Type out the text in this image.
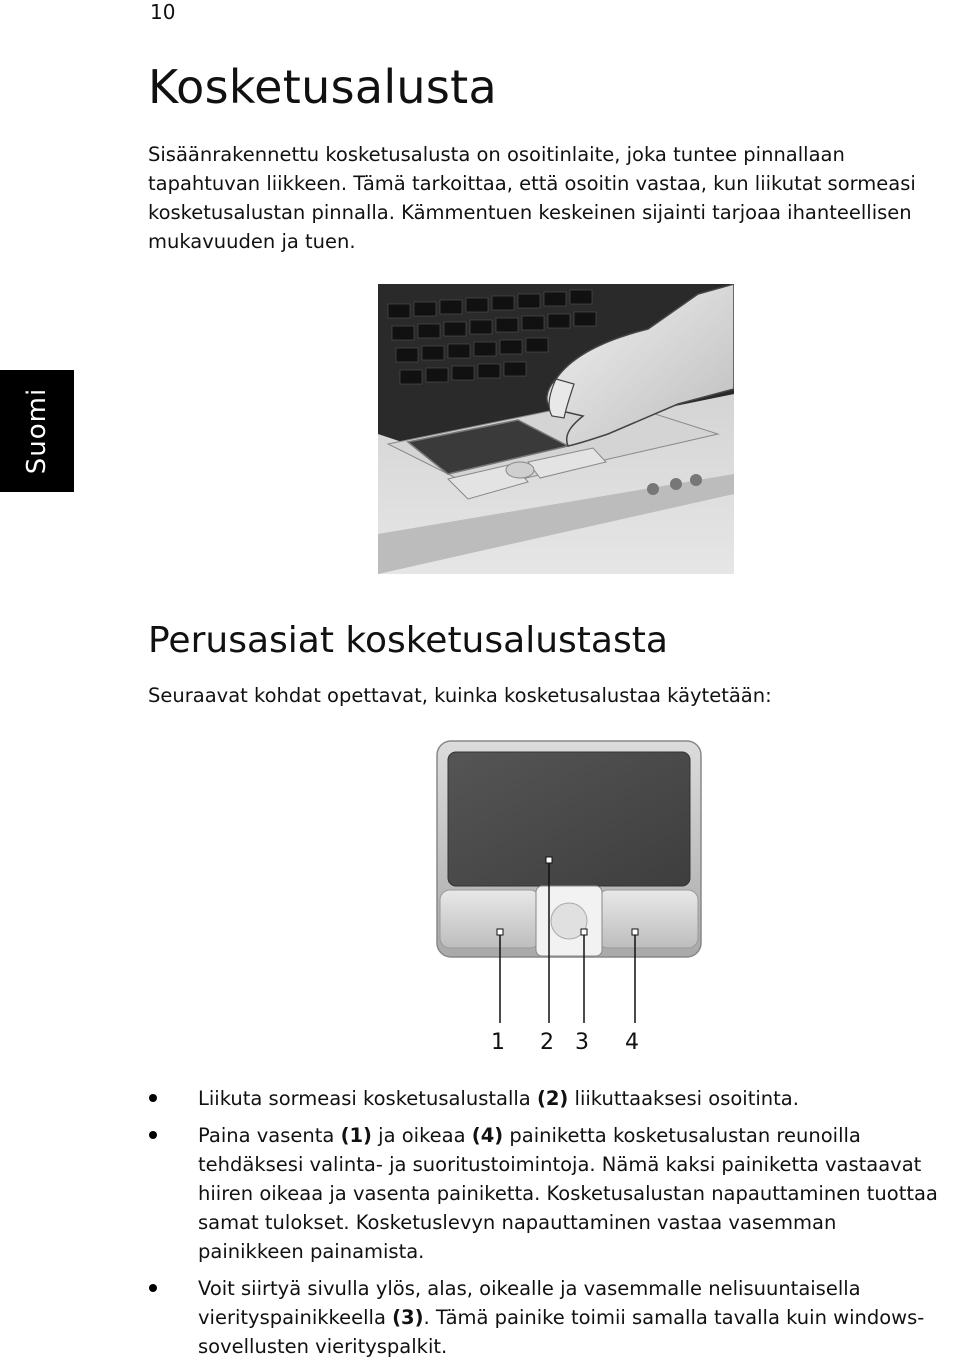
10
Suomi
Kosketusalusta

Sisäänrakennettu kosketusalusta on osoitinlaite, joka tuntee pinnallaan tapahtuvan liikkeen. Tämä tarkoittaa, että osoitin vastaa, kun liikutat sormeasi kosketusalustan pinnalla. Kämmentuen keskeinen sijainti tarjoaa ihanteellisen mukavuuden ja tuen.

Perusasiat kosketusalustasta

Seuraavat kohdat opettavat, kuinka kosketusalustaa käytetään:

1 2 3 4
Liikuta sormeasi kosketusalustalla (2) liikuttaaksesi osoitinta.
Paina vasenta (1) ja oikeaa (4) painiketta kosketusalustan reunoilla tehdäksesi valinta- ja suoritustoimintoja. Nämä kaksi painiketta vastaavat hiiren oikeaa ja vasenta painiketta. Kosketusalustan napauttaminen tuottaa samat tulokset. Kosketuslevyn napauttaminen vastaa vasemman painikkeen painamista.
Voit siirtyä sivulla ylös, alas, oikealle ja vasemmalle nelisuuntaisella vierityspainikkeella (3). Tämä painike toimii samalla tavalla kuin windows-sovellusten vierityspalkit.
